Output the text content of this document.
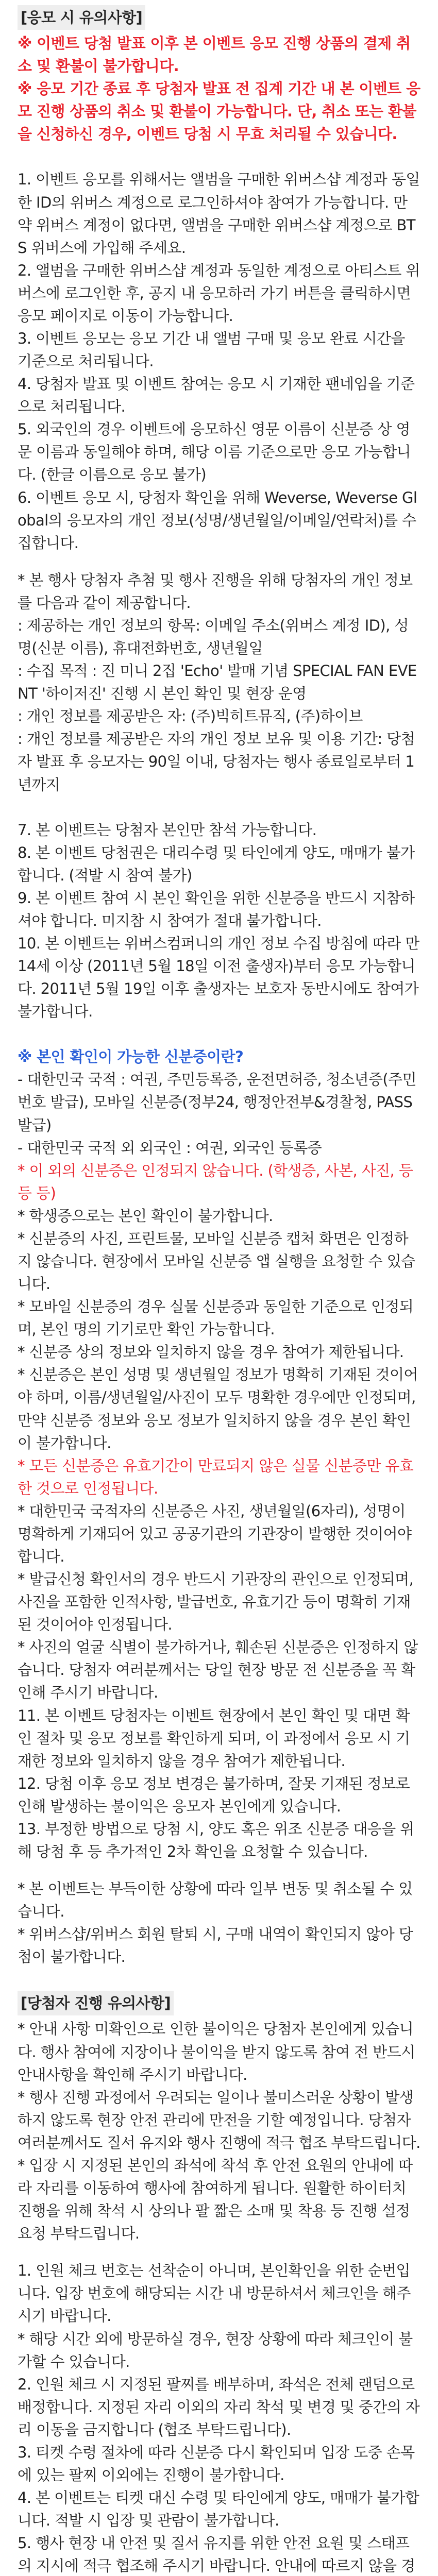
[응모 시 유의사항]

※ 이벤트 당첨 발표 이후 본 이벤트 응모 진행 상품의 결제 취소 및 환불이 불가합니다.

※ 응모 기간 종료 후 당첨자 발표 전 집계 기간 내 본 이벤트 응모 진행 상품의 취소 및 환불이 가능합니다. 단, 취소 또는 환불을 신청하신 경우, 이벤트 당첨 시 무효 처리될 수 있습니다.

1. 이벤트 응모를 위해서는 앨범을 구매한 위버스샵 계정과 동일한 ID의 위버스 계정으로 로그인하셔야 참여가 가능합니다. 만약 위버스 계정이 없다면, 앨범을 구매한 위버스샵 계정으로 BTS 위버스에 가입해 주세요.

2. 앨범을 구매한 위버스샵 계정과 동일한 계정으로 아티스트 위버스에 로그인한 후, 공지 내 응모하러 가기 버튼을 클릭하시면 응모 페이지로 이동이 가능합니다.

3. 이벤트 응모는 응모 기간 내 앨범 구매 및 응모 완료 시간을 기준으로 처리됩니다.

4. 당첨자 발표 및 이벤트 참여는 응모 시 기재한 팬네임을 기준으로 처리됩니다.

5. 외국인의 경우 이벤트에 응모하신 영문 이름이 신분증 상 영문 이름과 동일해야 하며, 해당 이름 기준으로만 응모 가능합니다. (한글 이름으로 응모 불가)

6. 이벤트 응모 시, 당첨자 확인을 위해 Weverse, Weverse Global의 응모자의 개인 정보(성명/생년월일/이메일/연락처)를 수집합니다.

* 본 행사 당첨자 추첨 및 행사 진행을 위해 당첨자의 개인 정보를 다음과 같이 제공합니다.
: 제공하는 개인 정보의 항목: 이메일 주소(위버스 계정 ID), 성명(신분 이름), 휴대전화번호, 생년월일
: 수집 목적 : 진 미니 2집 'Echo' 발매 기념 SPECIAL FAN EVENT '하이저진' 진행 시 본인 확인 및 현장 운영
: 개인 정보를 제공받은 자: (주)빅히트뮤직, (주)하이브
: 개인 정보를 제공받은 자의 개인 정보 보유 및 이용 기간: 당첨자 발표 후 응모자는 90일 이내, 당첨자는 행사 종료일로부터 1년까지

7. 본 이벤트는 당첨자 본인만 참석 가능합니다.

8. 본 이벤트 당첨권은 대리수령 및 타인에게 양도, 매매가 불가합니다. (적발 시 참여 불가)

9. 본 이벤트 참여 시 본인 확인을 위한 신분증을 반드시 지참하셔야 합니다. 미지참 시 참여가 절대 불가합니다.

10. 본 이벤트는 위버스컴퍼니의 개인 정보 수집 방침에 따라 만14세 이상 (2011년 5월 18일 이전 출생자)부터 응모 가능합니다. 2011년 5월 19일 이후 출생자는 보호자 동반시에도 참여가 불가합니다.

※ 본인 확인이 가능한 신분증이란?

- 대한민국 국적 : 여권, 주민등록증, 운전면허증, 청소년증(주민번호 발급), 모바일 신분증(정부24, 행정안전부&경찰청, PASS 발급)

- 대한민국 국적 외 외국인 : 여권, 외국인 등록증

* 이 외의 신분증은 인정되지 않습니다. (학생증, 사본, 사진, 등등 등)

* 학생증으로는 본인 확인이 불가합니다.
* 신분증의 사진, 프린트물, 모바일 신분증 캡처 화면은 인정하지 않습니다. 현장에서 모바일 신분증 앱 실행을 요청할 수 있습니다.
* 모바일 신분증의 경우 실물 신분증과 동일한 기준으로 인정되며, 본인 명의 기기로만 확인 가능합니다.
* 신분증 상의 정보와 일치하지 않을 경우 참여가 제한됩니다.

* 신분증은 본인 성명 및 생년월일 정보가 명확히 기재된 것이어야 하며, 이름/생년월일/사진이 모두 명확한 경우에만 인정되며, 만약 신분증 정보와 응모 정보가 일치하지 않을 경우 본인 확인이 불가합니다.

* 모든 신분증은 유효기간이 만료되지 않은 실물 신분증만 유효한 것으로 인정됩니다.

* 대한민국 국적자의 신분증은 사진, 생년월일(6자리), 성명이 명확하게 기재되어 있고 공공기관의 기관장이 발행한 것이어야 합니다.
* 발급신청 확인서의 경우 반드시 기관장의 관인으로 인정되며, 사진을 포함한 인적사항, 발급번호, 유효기간 등이 명확히 기재된 것이어야 인정됩니다.
* 사진의 얼굴 식별이 불가하거나, 훼손된 신분증은 인정하지 않습니다. 당첨자 여러분께서는 당일 현장 방문 전 신분증을 꼭 확인해 주시기 바랍니다.

11. 본 이벤트 당첨자는 이벤트 현장에서 본인 확인 및 대면 확인 절차 및 응모 정보를 확인하게 되며, 이 과정에서 응모 시 기재한 정보와 일치하지 않을 경우 참여가 제한됩니다.

12. 당첨 이후 응모 정보 변경은 불가하며, 잘못 기재된 정보로 인해 발생하는 불이익은 응모자 본인에게 있습니다.

13. 부정한 방법으로 당첨 시, 양도 혹은 위조 신분증 대응을 위해 당첨 후 등 추가적인 2차 확인을 요청할 수 있습니다.

* 본 이벤트는 부득이한 상황에 따라 일부 변동 및 취소될 수 있습니다.
* 위버스샵/위버스 회원 탈퇴 시, 구매 내역이 확인되지 않아 당첨이 불가합니다.

[당첨자 진행 유의사항]

* 안내 사항 미확인으로 인한 불이익은 당첨자 본인에게 있습니다. 행사 참여에 지장이나 불이익을 받지 않도록 참여 전 반드시 안내사항을 확인해 주시기 바랍니다.
* 행사 진행 과정에서 우려되는 일이나 불미스러운 상황이 발생하지 않도록 현장 안전 관리에 만전을 기할 예정입니다. 당첨자 여러분께서도 질서 유지와 행사 진행에 적극 협조 부탁드립니다.
* 입장 시 지정된 본인의 좌석에 착석 후 안전 요원의 안내에 따라 자리를 이동하여 행사에 참여하게 됩니다. 원활한 하이터치 진행을 위해 착석 시 상의나 팔 짧은 소매 및 착용 등 진행 설정 요청 부탁드립니다.

1. 인원 체크 번호는 선착순이 아니며, 본인확인을 위한 순번입니다. 입장 번호에 해당되는 시간 내 방문하셔서 체크인을 해주시기 바랍니다.
* 해당 시간 외에 방문하실 경우, 현장 상황에 따라 체크인이 불가할 수 있습니다.

2. 인원 체크 시 지정된 팔찌를 배부하며, 좌석은 전체 랜덤으로 배정합니다. 지정된 자리 이외의 자리 착석 및 변경 및 중간의 자리 이동을 금지합니다 (협조 부탁드립니다).

3. 티켓 수령 절차에 따라 신분증 다시 확인되며 입장 도중 손목에 있는 팔찌 이외에는 진행이 불가합니다.

4. 본 이벤트는 티켓 대신 수령 및 타인에게 양도, 매매가 불가합니다. 적발 시 입장 및 관람이 불가합니다.

5. 행사 현장 내 안전 및 질서 유지를 위한 안전 요원 및 스태프의 지시에 적극 협조해 주시기 바랍니다. 안내에 따르지 않을 경
